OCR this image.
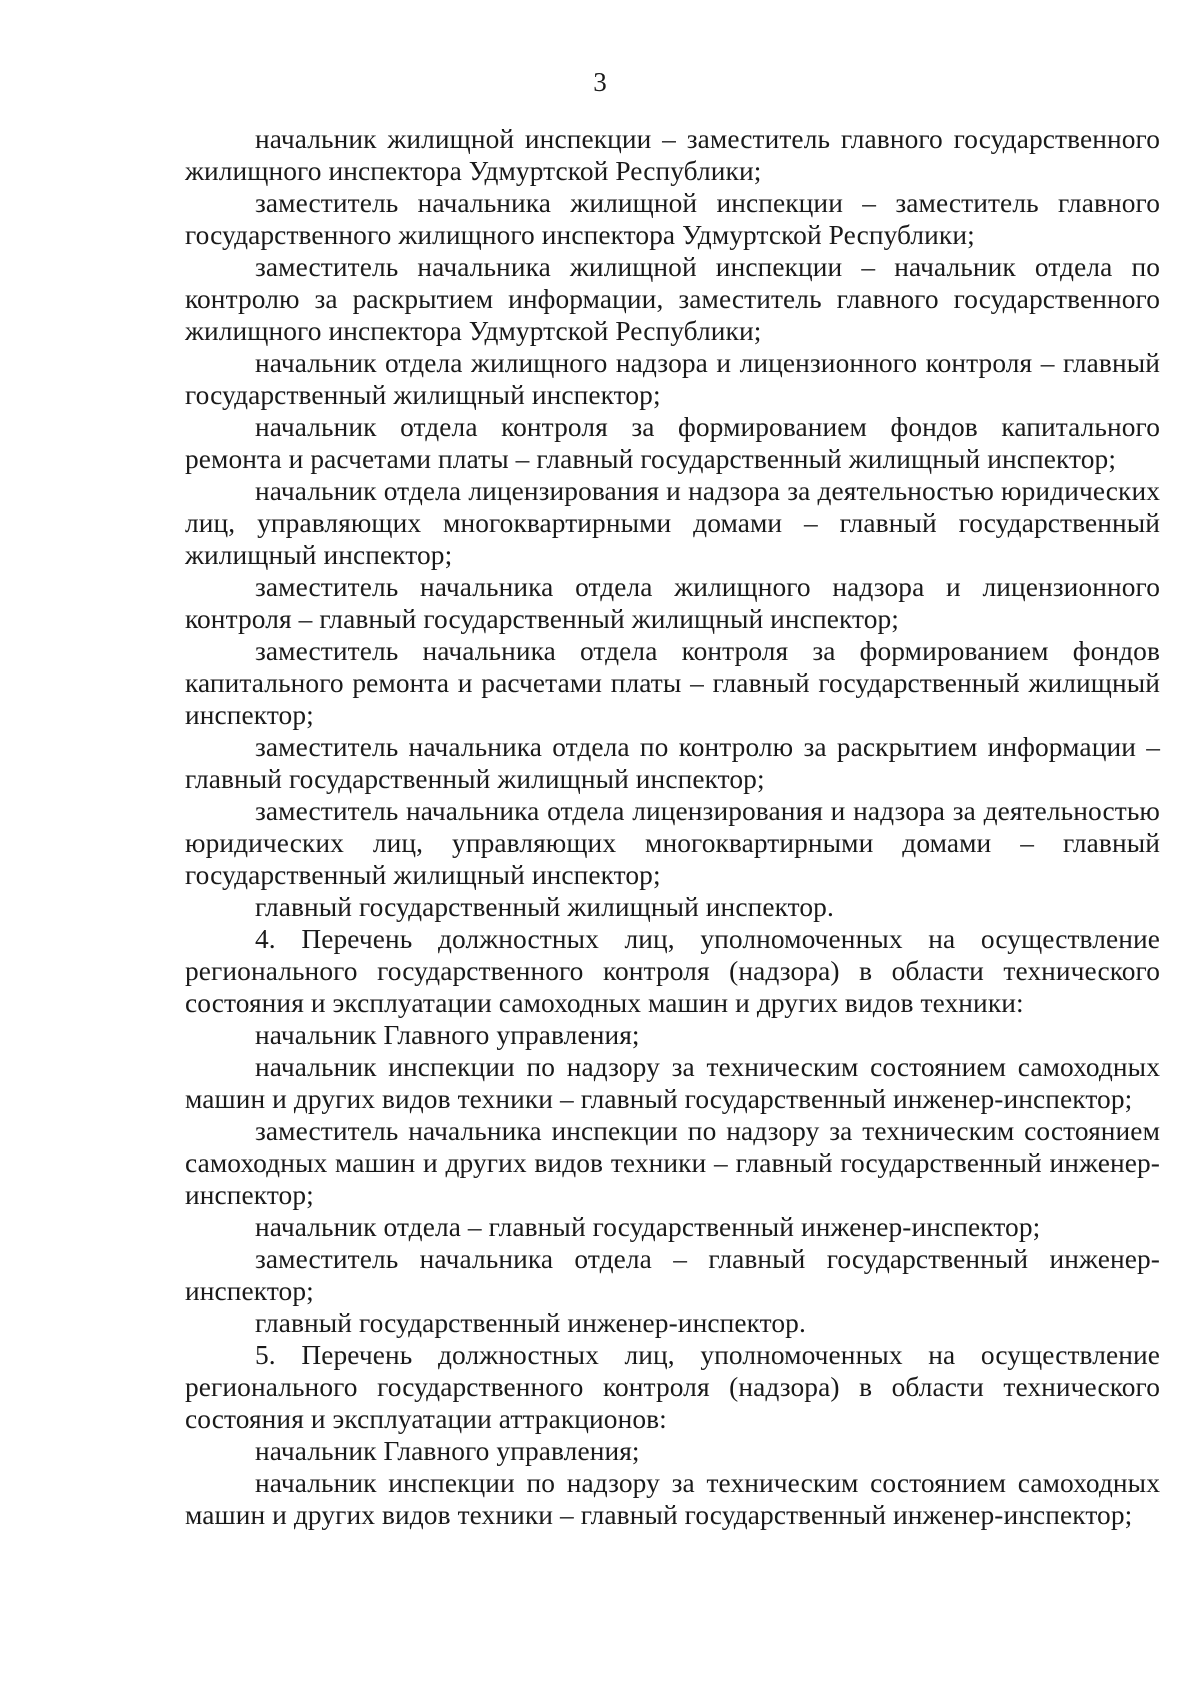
3

начальник жилищной инспекции – заместитель главного государственного жилищного инспектора Удмуртской Республики;

заместитель начальника жилищной инспекции – заместитель главного государственного жилищного инспектора Удмуртской Республики;

заместитель начальника жилищной инспекции – начальник отдела по контролю за раскрытием информации, заместитель главного государственного жилищного инспектора Удмуртской Республики;

начальник отдела жилищного надзора и лицензионного контроля – главный государственный жилищный инспектор;

начальник отдела контроля за формированием фондов капитального ремонта и расчетами платы – главный государственный жилищный инспектор;

начальник отдела лицензирования и надзора за деятельностью юридических лиц, управляющих многоквартирными домами – главный государственный жилищный инспектор;

заместитель начальника отдела жилищного надзора и лицензионного контроля – главный государственный жилищный инспектор;

заместитель начальника отдела контроля за формированием фондов капитального ремонта и расчетами платы – главный государственный жилищный инспектор;

заместитель начальника отдела по контролю за раскрытием информации – главный государственный жилищный инспектор;

заместитель начальника отдела лицензирования и надзора за деятельностью юридических лиц, управляющих многоквартирными домами – главный государственный жилищный инспектор;

главный государственный жилищный инспектор.

4. Перечень должностных лиц, уполномоченных на осуществление регионального государственного контроля (надзора) в области технического состояния и эксплуатации самоходных машин и других видов техники:

начальник Главного управления;

начальник инспекции по надзору за техническим состоянием самоходных машин и других видов техники – главный государственный инженер-инспектор;

заместитель начальника инспекции по надзору за техническим состоянием самоходных машин и других видов техники – главный государственный инженер-инспектор;

начальник отдела – главный государственный инженер-инспектор;

заместитель начальника отдела – главный государственный инженер-инспектор;

главный государственный инженер-инспектор.

5. Перечень должностных лиц, уполномоченных на осуществление регионального государственного контроля (надзора) в области технического состояния и эксплуатации аттракционов:

начальник Главного управления;

начальник инспекции по надзору за техническим состоянием самоходных машин и других видов техники – главный государственный инженер-инспектор;
